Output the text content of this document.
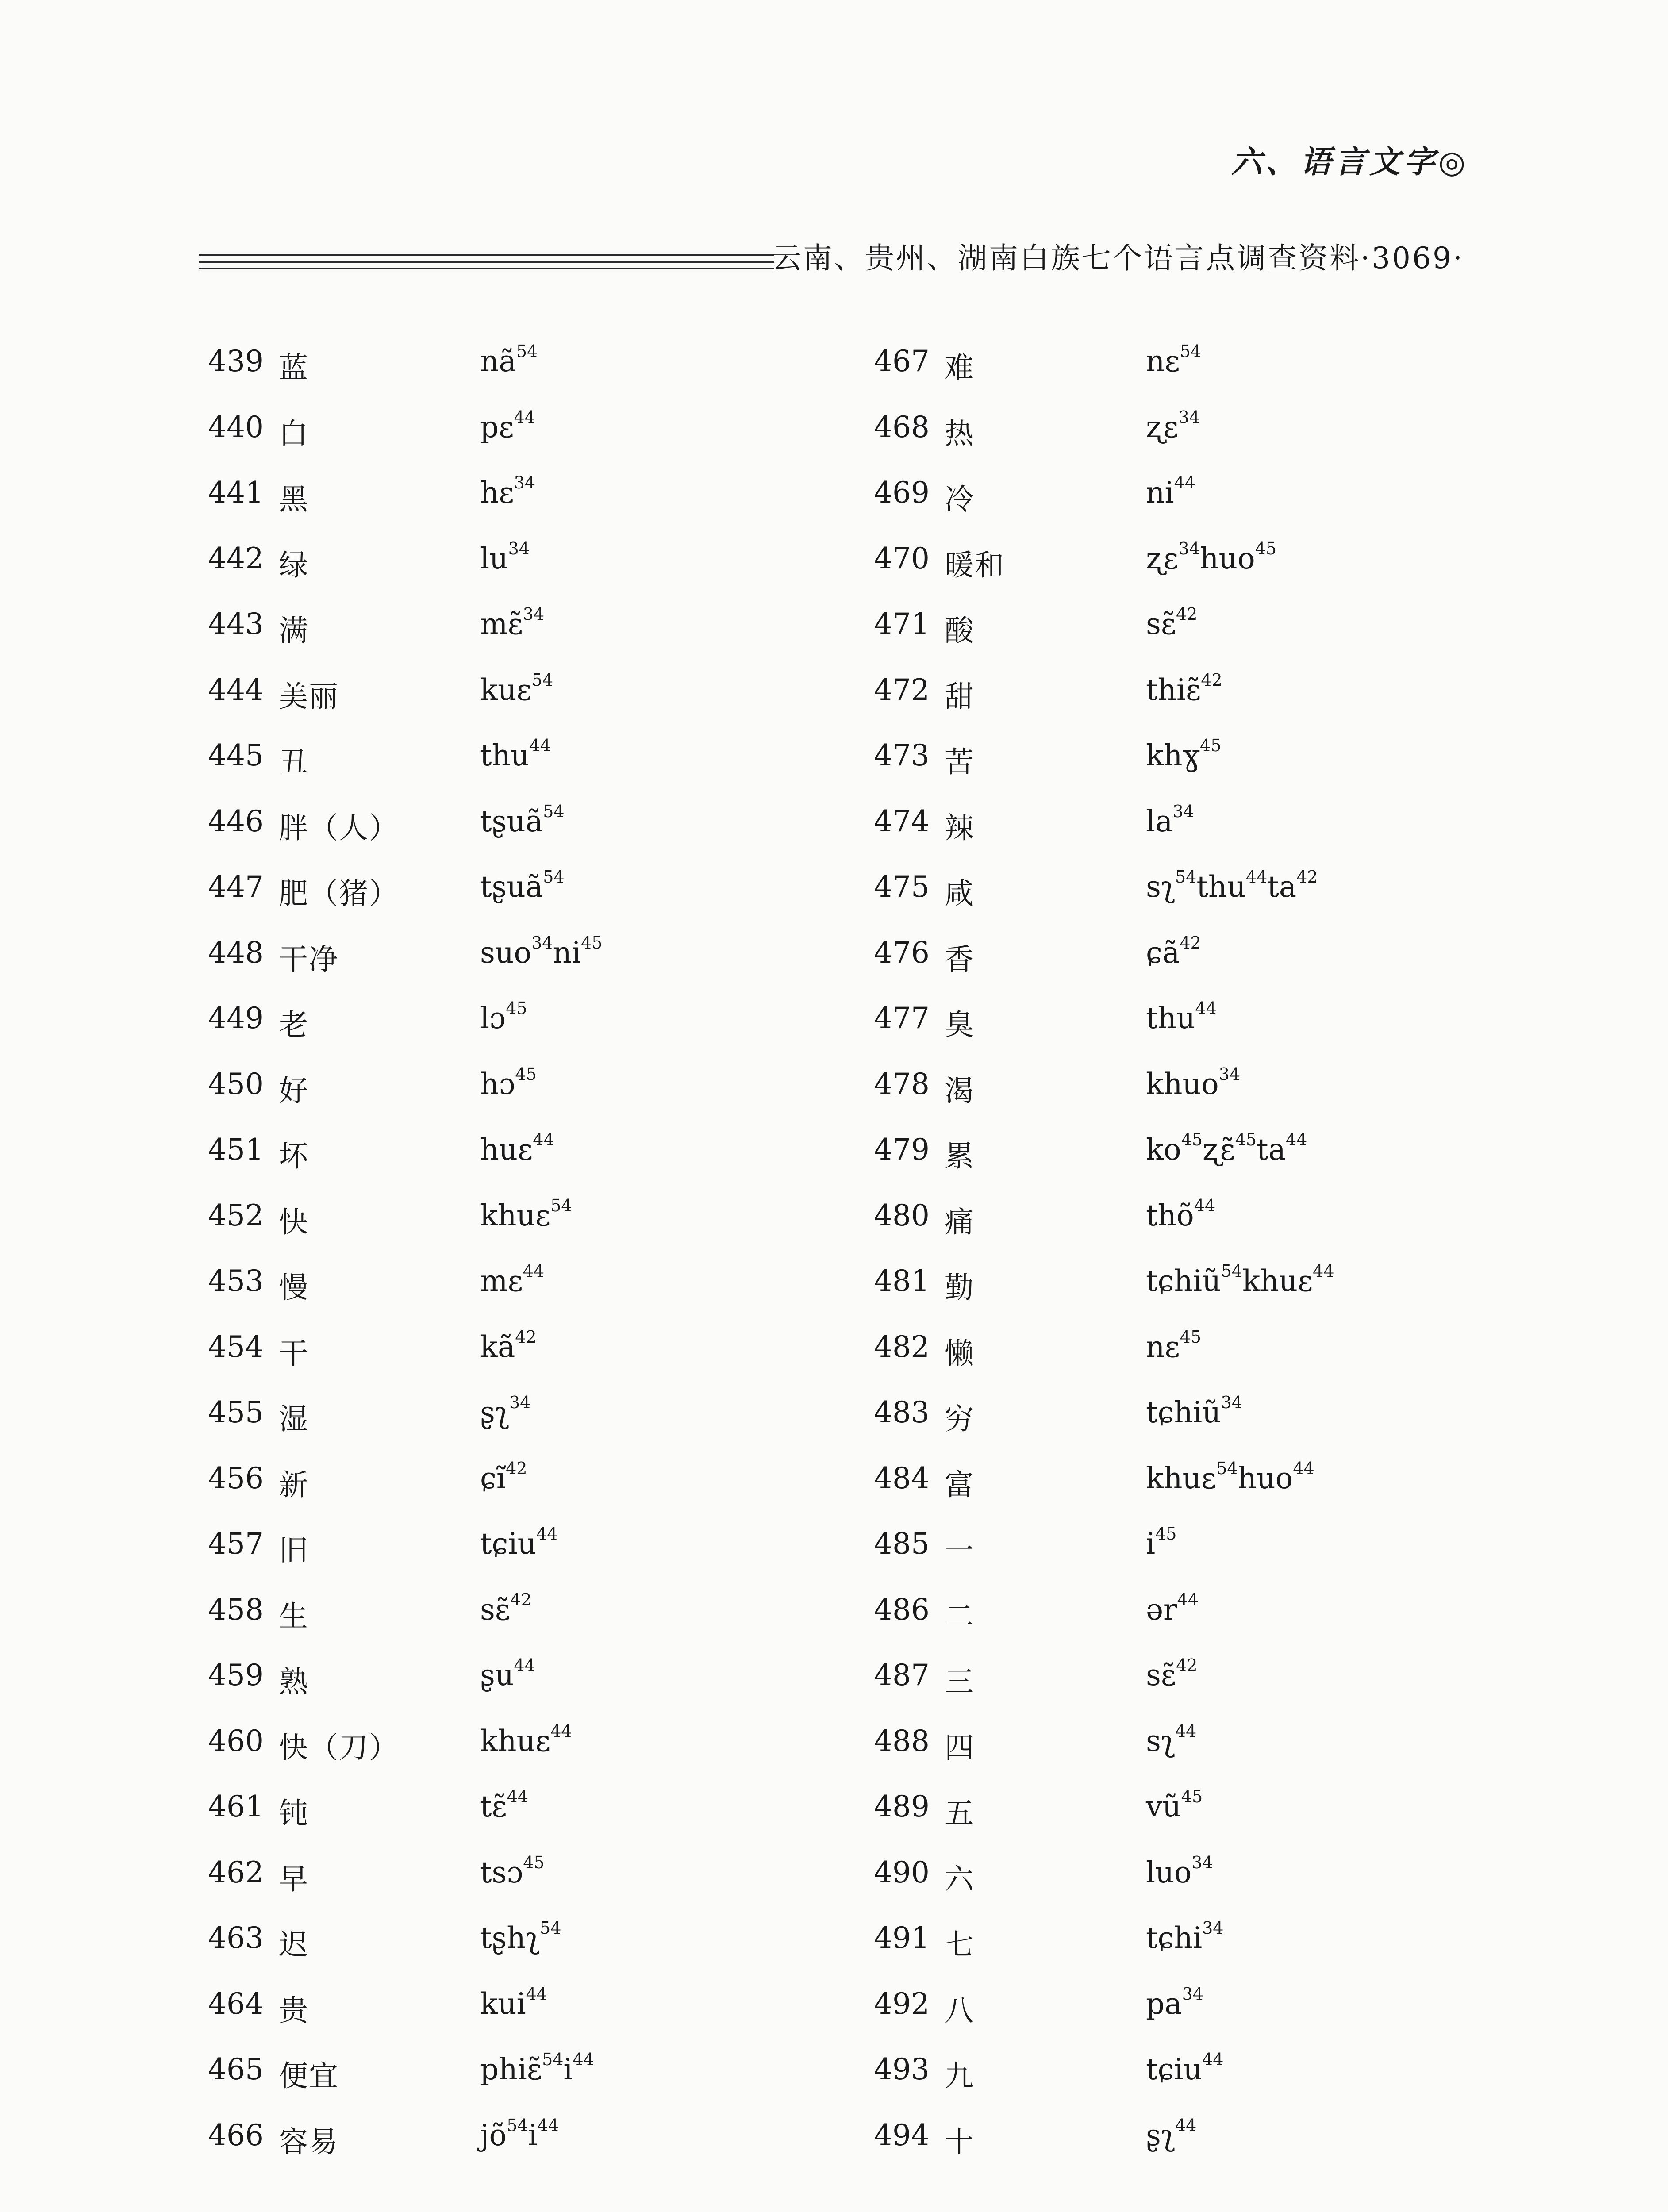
六、语言文字◎
云南、贵州、湖南白族七个语言点调查资料·3069·
439 蓝	$nã^{54}$
440 白	pɛ$^{44}$
441 黑	hɛ$^{34}$
442 绿	$lu^{34}$
443 满	mɛ̃$^{34}$
444 美丽	kuɛ$^{54}$
445 丑	thu$^{44}$
446 胖（人）	tʂuã$^{54}$
447 肥（猪）	tʂuã$^{54}$
448 干净	$suo^{34}ni^{45}$
449 老	lɔ$^{45}$
450 好	hɔ$^{45}$
451 坏	huɛ$^{44}$
452 快	khuɛ$^{54}$
453 慢	mɛ$^{44}$
454 干	$kã^{42}$
455 湿	ʂʅ$^{34}$
456 新	ɕĩ$^{42}$
457 旧	tɕiu$^{44}$
458 生	sɛ̃$^{42}$
459 熟	ʂu$^{44}$
460 快（刀）	khuɛ$^{44}$
461 钝	tɛ̃$^{44}$
462 早	tsɔ$^{45}$
463 迟	tʂhʅ$^{54}$
464 贵	kui$^{44}$
465 便宜	$phiɛ̃^{54}i^{44}$
466 容易	$jõ^{54}i^{44}$
467 难	nɛ$^{54}$
468 热	ʐɛ$^{34}$
469 冷	$ni^{44}$
470 暖和	ʐɛ$^{34}$huo$^{45}$
471 酸	sɛ̃$^{42}$
472 甜	thiɛ̃$^{42}$
473 苦	khɣ$^{45}$
474 辣	$la^{34}$
475 咸	$sʅ^{54}thu^{44}ta^{42}$
476 香	ɕã$^{42}$
477 臭	thu$^{44}$
478 渴	khuo$^{34}$
479 累	$ko^{45}ʐɛ̃^{45}ta^{44}$
480 痛	thõ$^{44}$
481 勤	tɕhiũ$^{54}$khuɛ$^{44}$
482 懒	nɛ$^{45}$
483 穷	tɕhiũ$^{34}$
484 富	khuɛ$^{54}$huo$^{44}$
485 一	$i^{45}$
486 二	ər$^{44}$
487 三	sɛ̃$^{42}$
488 四	sʅ$^{44}$
489 五	$vũ^{45}$
490 六	luo$^{34}$
491 七	tɕhi$^{34}$
492 八	$pa^{34}$
493 九	tɕiu$^{44}$
494 十	ʂʅ$^{44}$
